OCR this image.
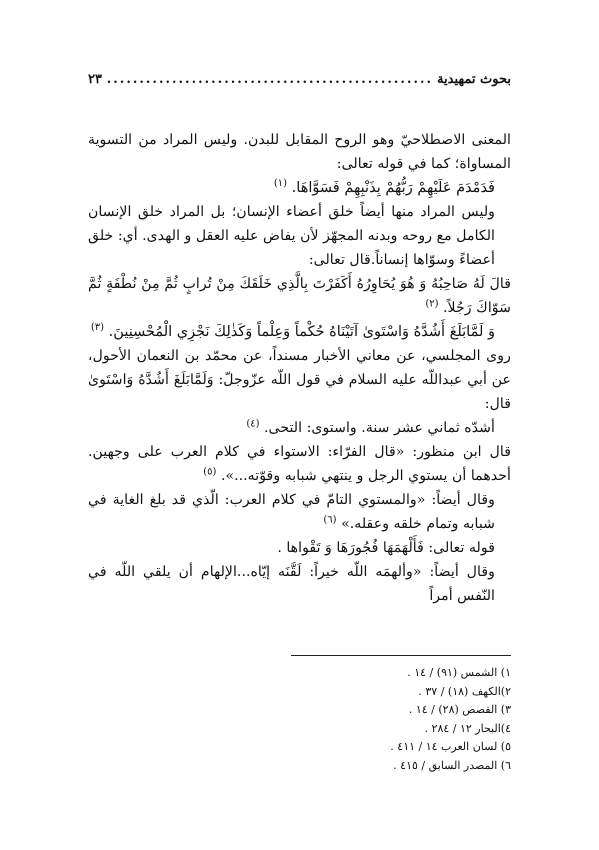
بحوث تمهيدية
.....
٢٣

المعنى الاصطلاحيّ وهو الروح المقابل للبدن. وليس المراد من التسوية المساواة؛ كما في قوله تعالى:

فَدَمْدَمَ عَلَيْهِمْ رَبُّهُمْ بِذَنْبِهِمْ فَسَوَّاهَا. $^{(١)}$

وليس المراد منها أيضاً خلق أعضاء الإنسان؛ بل المراد خلق الإنسان الكامل مع روحه وبدنه المجهّز لأن يفاض عليه العقل و الهدى. أي: خلق أعضاءً وسوّاها إنساناً.قال تعالى:

قالَ لَهُ صَاحِبُهُ وَ هُوَ يُحَاوِرُهُ أَكَفَرْتَ بِالَّذِي خَلَقَكَ مِنْ تُرابٍ ثُمَّ مِنْ نُطْفَةٍ ثُمَّ سَوّاكَ رَجُلاً. $^{(٢)}$

وَ لَمَّابَلَغَ أَشُدَّهُ وَاسْتَوىٰ آتَيْنَاهُ حُكْماً وَعِلْماً وَكَذٰلِكَ نَجْزِي الْمُحْسِنِينَ. $^{(٣)}$

روى المجلسي، عن معاني الأخبار مسنداً، عن محمّد بن النعمان الأحول، عن أبي عبداللّه عليه السلام في قول اللّه عزّوجلّ: وَلَمَّابَلَغَ أَشُدَّهُ وَاسْتَوىٰ قال:

أشدّه ثماني عشر سنة. واستوى: التحى. $^{(٤)}$

قال ابن منظور: «قال الفرّاء: الاستواء في كلام العرب على وجهين. أحدهما أن يستوي الرجل و ينتهي شبابه وقوّته...». $^{(٥)}$

وقال أيضاً: «والمستوي التامّ في كلام العرب: الّذي قد بلغ الغاية في شبابه وتمام خلقه وعقله.» $^{(٦)}$

قوله تعالى: فَأَلْهَمَهَا فُجُورَهَا وَ تَقْواها .

وقال أيضاً: «وألهمَه اللّه خيراً: لَقَّنَه إيّاه...الإلهام أن يلقي اللّه في النّفس أمراً

١) الشمس (٩١) / ١٤ .
٢)الكهف (١٨) / ٣٧ .
٣) القصص (٢٨) / ١٤ .
٤)البحار ١٢ / ٢٨٤ .
٥) لسان العرب ١٤ / ٤١١ .
٦) المصدر السابق / ٤١٥ .
